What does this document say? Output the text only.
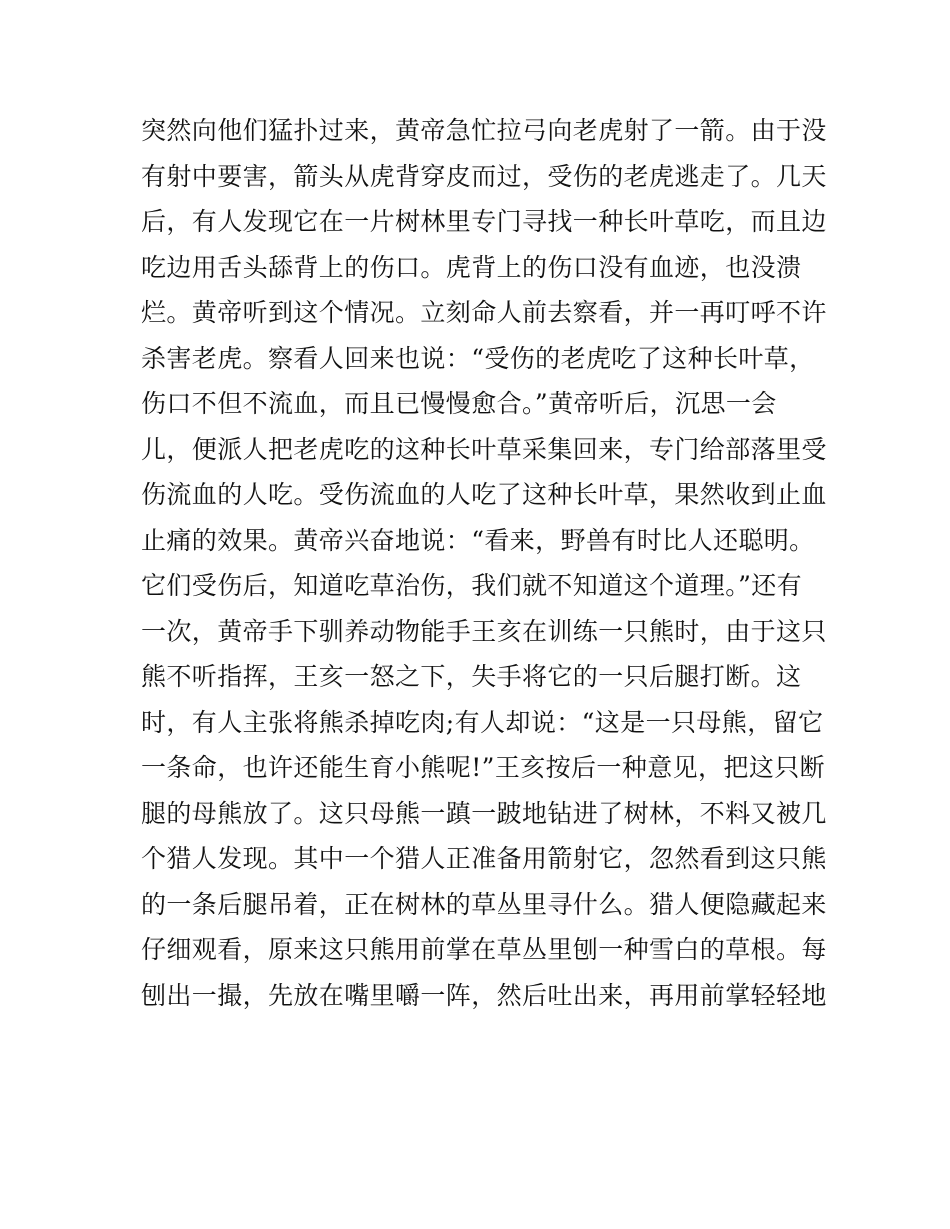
突然向他们猛扑过来，黄帝急忙拉弓向老虎射了一箭。由于没
有射中要害，箭头从虎背穿皮而过，受伤的老虎逃走了。几天
后，有人发现它在一片树林里专门寻找一种长叶草吃，而且边
吃边用舌头舔背上的伤口。虎背上的伤口没有血迹，也没溃
烂。黄帝听到这个情况。立刻命人前去察看，并一再叮呼不许
杀害老虎。察看人回来也说：“受伤的老虎吃了这种长叶草，
伤口不但不流血，而且已慢慢愈合。”黄帝听后，沉思一会
儿，便派人把老虎吃的这种长叶草采集回来，专门给部落里受
伤流血的人吃。受伤流血的人吃了这种长叶草，果然收到止血
止痛的效果。黄帝兴奋地说：“看来，野兽有时比人还聪明。
它们受伤后，知道吃草治伤，我们就不知道这个道理。”还有
一次，黄帝手下驯养动物能手王亥在训练一只熊时，由于这只
熊不听指挥，王亥一怒之下，失手将它的一只后腿打断。这
时，有人主张将熊杀掉吃肉;有人却说：“这是一只母熊，留它
一条命，也许还能生育小熊呢!”王亥按后一种意见，把这只断
腿的母熊放了。这只母熊一蹎一跛地钻进了树林，不料又被几
个猎人发现。其中一个猎人正准备用箭射它，忽然看到这只熊
的一条后腿吊着，正在树林的草丛里寻什么。猎人便隐藏起来
仔细观看，原来这只熊用前掌在草丛里刨一种雪白的草根。每
刨出一撮，先放在嘴里嚼一阵，然后吐出来，再用前掌轻轻地
